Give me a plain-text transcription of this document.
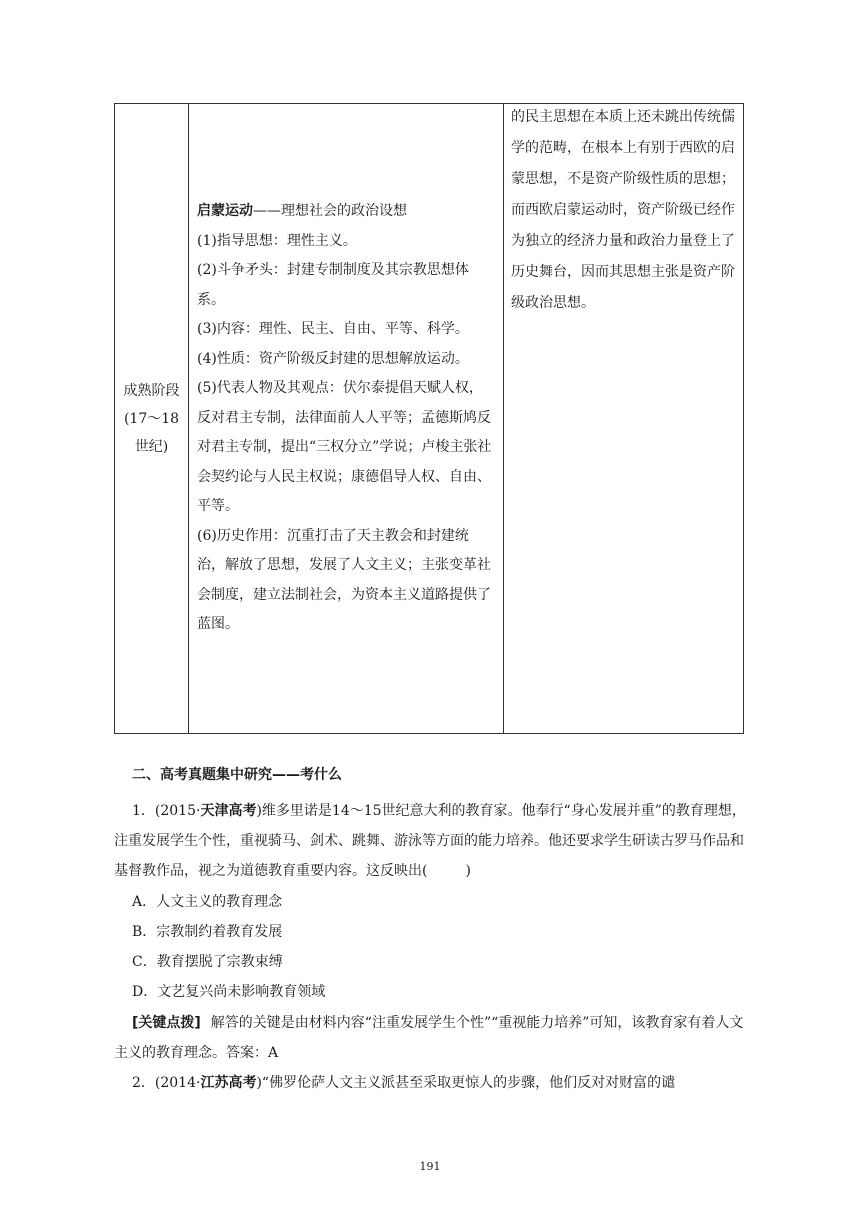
成熟阶段(17～18世纪)

启蒙运动——理想社会的政治设想

(1)指导思想：理性主义。

(2)斗争矛头：封建专制制度及其宗教思想体系。

(3)内容：理性、民主、自由、平等、科学。

(4)性质：资产阶级反封建的思想解放运动。

(5)代表人物及其观点：伏尔泰提倡天赋人权，反对君主专制，法律面前人人平等；孟德斯鸠反对君主专制，提出“三权分立”学说；卢梭主张社会契约论与人民主权说；康德倡导人权、自由、平等。

(6)历史作用：沉重打击了天主教会和封建统治，解放了思想，发展了人文主义；主张变革社会制度，建立法制社会，为资本主义道路提供了蓝图。

的民主思想在本质上还未跳出传统儒学的范畴，在根本上有别于西欧的启蒙思想，不是资产阶级性质的思想；而西欧启蒙运动时，资产阶级已经作为独立的经济力量和政治力量登上了历史舞台，因而其思想主张是资产阶级政治思想。
二、高考真题集中研究——考什么
1．(2015·天津高考)维多里诺是14～15世纪意大利的教育家。他奉行“身心发展并重”的教育理想，注重发展学生个性，重视骑马、剑术、跳舞、游泳等方面的能力培养。他还要求学生研读古罗马作品和基督教作品，视之为道德教育重要内容。这反映出(	)
A．人文主义的教育理念
B．宗教制约着教育发展
C．教育摆脱了宗教束缚
D．文艺复兴尚未影响教育领域
[关键点拨] 解答的关键是由材料内容“注重发展学生个性”“重视能力培养”可知，该教育家有着人文主义的教育理念。答案：A
2．(2014·江苏高考)“佛罗伦萨人文主义派甚至采取更惊人的步骤，他们反对对财富的谴
191
